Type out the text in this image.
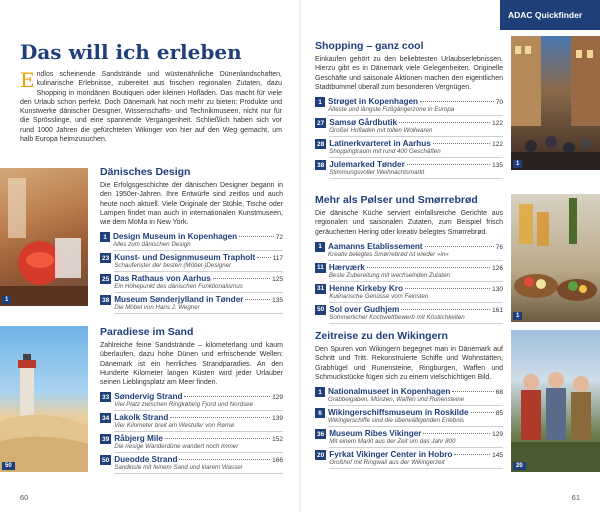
Das will ich erleben
Endlos scheinende Sandstrände und wüstenähnliche Dünenlandschaften, kulinarische Erlebnisse, zubereitet aus frischen regionalen Zutaten, dazu Shopping in mondänen Boutiquen oder kleinen Hofläden. Das macht für viele den Urlaub schon perfekt. Doch Dänemark hat noch mehr zu bieten: Produkte und Kunstwerke dänischer Designer, Wissenschafts- und Technikmuseen, nicht nur für die Sprösslinge, und eine spannende Vergangenheit. Schließlich haben sich vor rund 1000 Jahren die gefürchteten Wikinger von hier auf den Weg gemacht, um halb Europa heimzusuchen.
1
Dänisches Design

Die Erfolgsgeschichte der dänischen Designer begann in den 1950er-Jahren. Ihre Entwürfe sind zeitlos und auch heute noch aktuell. Viele Originale der Stühle, Tische oder Lampen findet man auch in internationalen Kunstmuseen, wie dem MoMa in New York.

1 Design Museum in Kopenhagen	72
Alles zum dänischen Design
23 Kunst- und Designmuseum Trapholt	117
Schaufenster der besten (Möbel-)Designer
25 Das Rathaus von Aarhus	125
Ein Höhepunkt des dänischen Funktionalismus
38 Museum Sønderjylland in Tønder	135
Die Möbel von Hans J. Wegner
50
Paradiese im Sand

Zahlreiche feine Sandstrände – kilometerlang und kaum überlaufen, dazu hohe Dünen und erfrischende Wellen: Dänemark ist ein herrliches Strandparadies. An den Hunderte Kilometer langen Küsten wird jeder Urlauber seinen Lieblingsplatz am Meer finden.

33 Søndervig Strand	129
Viel Platz zwischen Ringkøbing Fjord und Nordsee
34 Lakolk Strand	139
Vier Kilometer breit am Westufer von Rømø
39 Råbjerg Mile	152
Die riesige Wanderdüne wandert noch immer
50 Dueodde Strand	166
Sandkiste mit feinem Sand und klarem Wasser
60
ADAC Quickfinder
Shopping – ganz cool

Einkaufen gehört zu den beliebtesten Urlaubserlebnissen. Hierzu gibt es in Dänemark viele Gelegenheiten. Originelle Geschäfte und saisonale Aktionen machen den eigentlichen Stadtbummel überall zum besonderen Vergnügen.

1 Strøget in Kopenhagen	70
Älteste und längste Fußgängerzone in Europa
27 Samsø Gårdbutik	122
Großer Hofladen mit tollen Wollwaren
28 Latinerkvarteret in Aarhus	122
Shoppingtraum mit rund 400 Geschäften
38 Julemarked Tønder	135
Stimmungsvoller Weihnachtsmarkt
1
Mehr als Pølser und Smørrebrød

Die dänische Küche serviert einfallsreiche Gerichte aus regionalen und saisonalen Zutaten, zum Beispiel frisch geräucherten Hering oder kreativ belegtes Smørrebrød.

1 Aamanns Etablissement	76
Kreativ belegtes Smørrebrød ist wieder »in«
11 Hærværk	126
Beste Zubereitung mit wechselnden Zutaten
31 Henne Kirkeby Kro	130
Kulinarische Genüsse vom Feinsten
50 Sol over Gudhjem	161
Sommerlicher Kochwettbewerb mit Köstlichkeiten	1
Zeitreise zu den Wikingern

Den Spuren von Wikingern begegnet man in Dänemark auf Schritt und Tritt. Rekonstruierte Schiffe und Wohnstätten, Grabhügel und Runensteine, Ringburgen, Waffen und Schmuckstücke fügen sich zu einem vielschichtigen Bild.

1 Nationalmuseet in Kopenhagen	68
Grabbeigaben, Münzen, Waffen und Runensteine
6 Wikingerschiffsmuseum in Roskilde	85
Wikingerschiffe sind die überwältigenden Erlebnis
36 Museum Ribes Vikinger	129
Mit einem Markt aus der Zeit um das Jahr 800
20 Fyrkat Vikinger Center in Hobro	145
Großhof mit Ringwall aus der Wikingerzeit	20
61
